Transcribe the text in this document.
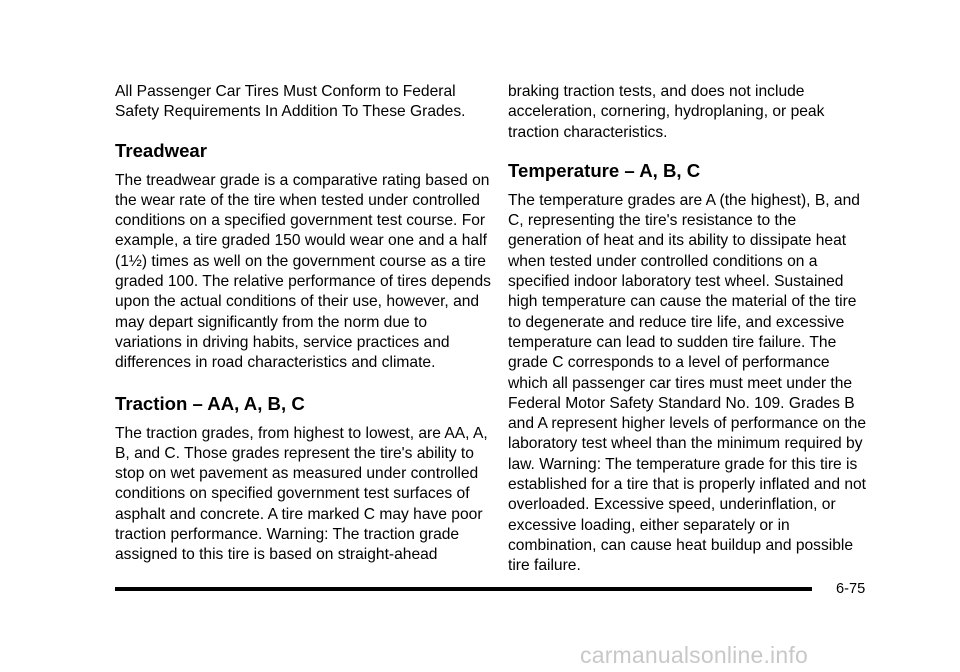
All Passenger Car Tires Must Conform to Federal Safety Requirements In Addition To These Grades.

Treadwear

The treadwear grade is a comparative rating based on the wear rate of the tire when tested under controlled conditions on a specified government test course. For example, a tire graded 150 would wear one and a half (1½) times as well on the government course as a tire graded 100. The relative performance of tires depends upon the actual conditions of their use, however, and may depart significantly from the norm due to variations in driving habits, service practices and differences in road characteristics and climate.

Traction – AA, A, B, C

The traction grades, from highest to lowest, are AA, A, B, and C. Those grades represent the tire's ability to stop on wet pavement as measured under controlled conditions on specified government test surfaces of asphalt and concrete. A tire marked C may have poor traction performance. Warning: The traction grade assigned to this tire is based on straight-ahead

braking traction tests, and does not include acceleration, cornering, hydroplaning, or peak traction characteristics.

Temperature – A, B, C

The temperature grades are A (the highest), B, and C, representing the tire's resistance to the generation of heat and its ability to dissipate heat when tested under controlled conditions on a specified indoor laboratory test wheel. Sustained high temperature can cause the material of the tire to degenerate and reduce tire life, and excessive temperature can lead to sudden tire failure. The grade C corresponds to a level of performance which all passenger car tires must meet under the Federal Motor Safety Standard No. 109. Grades B and A represent higher levels of performance on the laboratory test wheel than the minimum required by law. Warning: The temperature grade for this tire is established for a tire that is properly inflated and not overloaded. Excessive speed, underinflation, or excessive loading, either separately or in combination, can cause heat buildup and possible tire failure.

6-75
carmanualsonline.info
